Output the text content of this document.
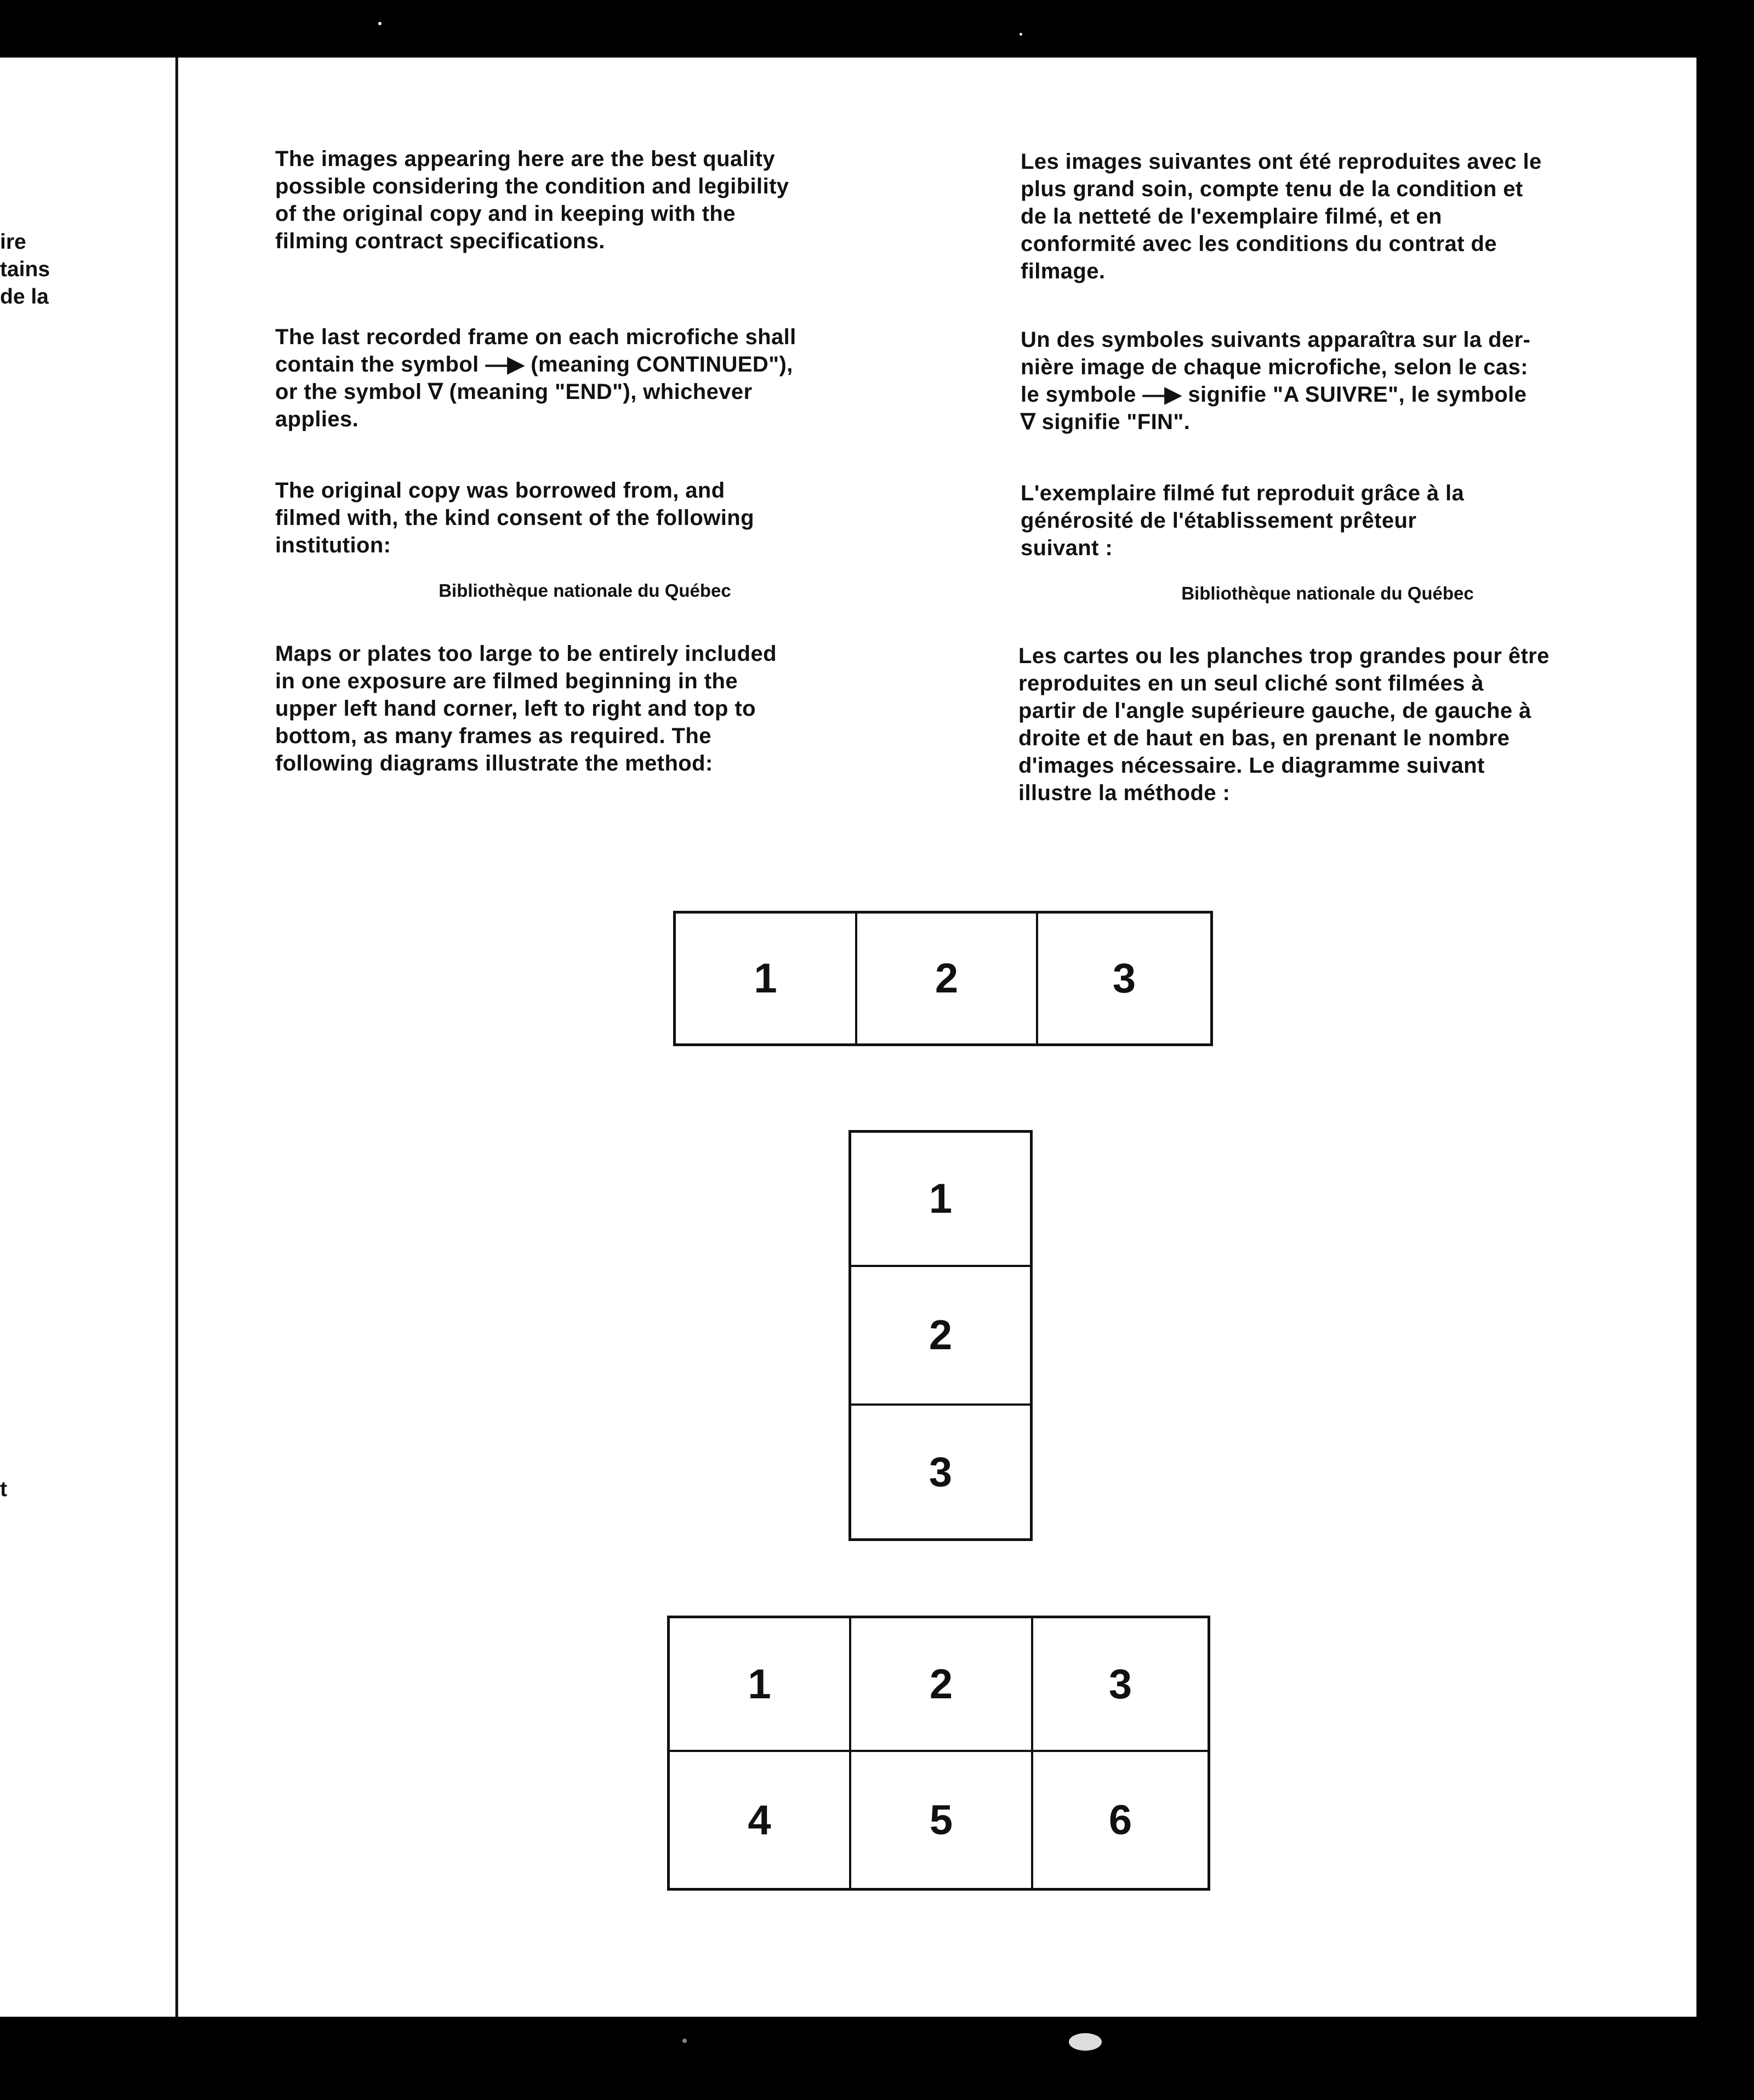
ire
tains
de la
t

The images appearing here are the best quality
possible considering the condition and legibility
of the original copy and in keeping with the
filming contract specifications.

The last recorded frame on each microfiche shall
contain the symbol —▶ (meaning CONTINUED"),
or the symbol ∇ (meaning "END"), whichever
applies.

The original copy was borrowed from, and
filmed with, the kind consent of the following
institution:

Bibliothèque nationale du Québec

Maps or plates too large to be entirely included
in one exposure are filmed beginning in the
upper left hand corner, left to right and top to
bottom, as many frames as required. The
following diagrams illustrate the method:

Les images suivantes ont été reproduites avec le
plus grand soin, compte tenu de la condition et
de la netteté de l'exemplaire filmé, et en
conformité avec les conditions du contrat de
filmage.

Un des symboles suivants apparaîtra sur la der-
nière image de chaque microfiche, selon le cas:
le symbole —▶ signifie "A SUIVRE", le symbole
∇ signifie "FIN".

L'exemplaire filmé fut reproduit grâce à la
générosité de l'établissement prêteur
suivant :

Bibliothèque nationale du Québec

Les cartes ou les planches trop grandes pour être
reproduites en un seul cliché sont filmées à
partir de l'angle supérieure gauche, de gauche à
droite et de haut en bas, en prenant le nombre
d'images nécessaire. Le diagramme suivant
illustre la méthode :

1	2	3
1
2
3
1	2	3
4	5	6
